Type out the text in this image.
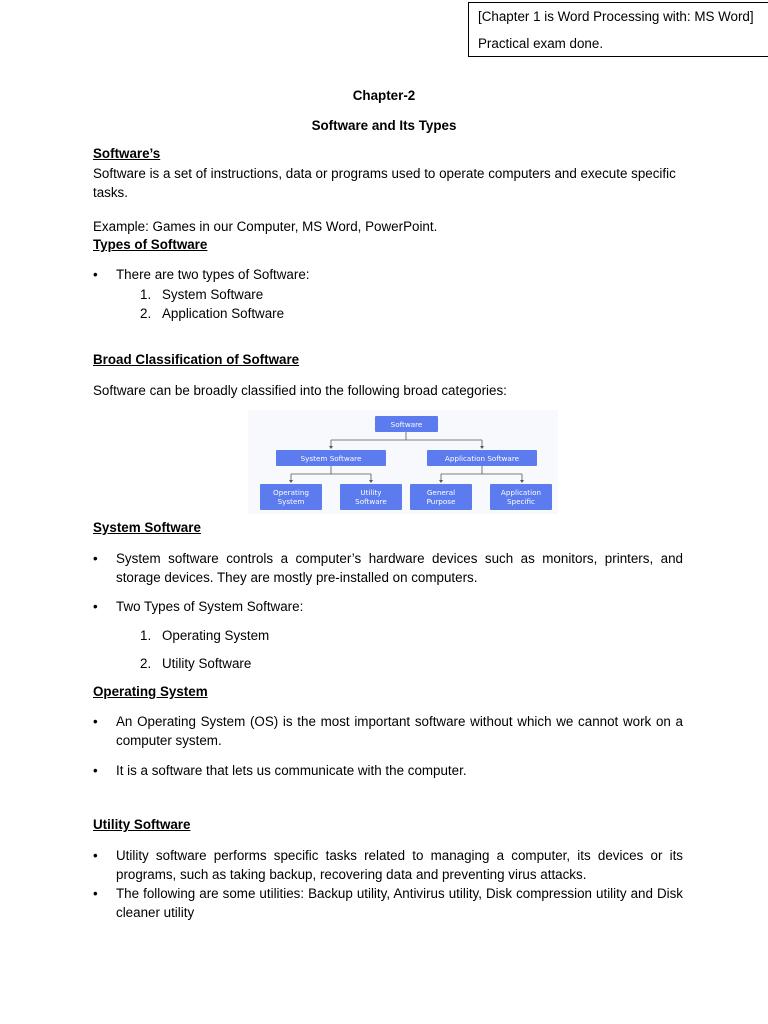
[Chapter 1 is Word Processing with: MS Word]
Practical exam done.
Chapter-2
Software and Its Types
Software’s
Software is a set of instructions, data or programs used to operate computers and execute specific tasks.
Example: Games in our Computer, MS Word, PowerPoint.
Types of Software
• There are two types of Software:
1. System Software
2. Application Software
Broad Classification of Software
Software can be broadly classified into the following broad categories:
Software
System Software	Application Software
Operating
System
Utility
Software
General
Purpose
Application
Specific
System Software
• System software controls a computer’s hardware devices such as monitors, printers, and storage devices. They are mostly pre-installed on computers.
• Two Types of System Software:
1. Operating System
2. Utility Software
Operating System
• An Operating System (OS) is the most important software without which we cannot work on a computer system.
• It is a software that lets us communicate with the computer.
Utility Software
• Utility software performs specific tasks related to managing a computer, its devices or its programs, such as taking backup, recovering data and preventing virus attacks.
• The following are some utilities: Backup utility, Antivirus utility, Disk compression utility and Disk cleaner utility
